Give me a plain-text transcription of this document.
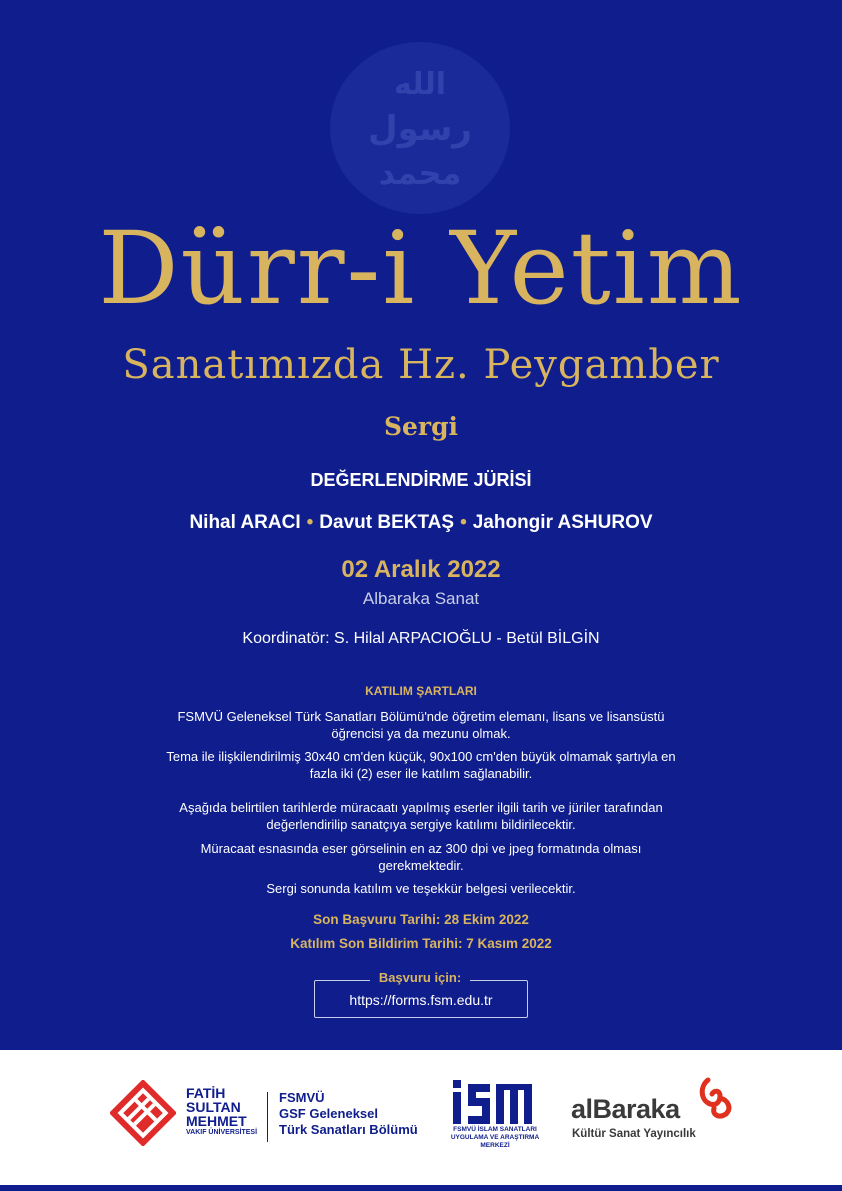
الله
رسول
محمد
Dürr-i Yetim
Sanatımızda Hz. Peygamber
Sergi
DEĞERLENDİRME JÜRİSİ
Nihal ARACI • Davut BEKTAŞ • Jahongir ASHUROV
02 Aralık 2022
Albaraka Sanat
Koordinatör: S. Hilal ARPACIOĞLU - Betül BİLGİN
KATILIM ŞARTLARI

FSMVÜ Geleneksel Türk Sanatları Bölümü'nde öğretim elemanı, lisans ve lisansüstü öğrencisi ya da mezunu olmak.

Tema ile ilişkilendirilmiş 30x40 cm'den küçük, 90x100 cm'den büyük olmamak şartıyla en fazla iki (2) eser ile katılım sağlanabilir.

Aşağıda belirtilen tarihlerde müracaatı yapılmış eserler ilgili tarih ve jüriler tarafından değerlendirilip sanatçıya sergiye katılımı bildirilecektir.

Müracaat esnasında eser görselinin en az 300 dpi ve jpeg formatında olması gerekmektedir.

Sergi sonunda katılım ve teşekkür belgesi verilecektir.

Son Başvuru Tarihi: 28 Ekim 2022
Katılım Son Bildirim Tarihi: 7 Kasım 2022
Başvuru için:
https://forms.fsm.edu.tr
FATİH
SULTAN
MEHMET
VAKIF ÜNİVERSİTESİ
FSMVÜ
GSF Geleneksel
Türk Sanatları Bölümü	FSMVÜ İSLAM SANATLARI
UYGULAMA VE ARAŞTIRMA MERKEZİ
alBaraka
Kültür Sanat Yayıncılık
